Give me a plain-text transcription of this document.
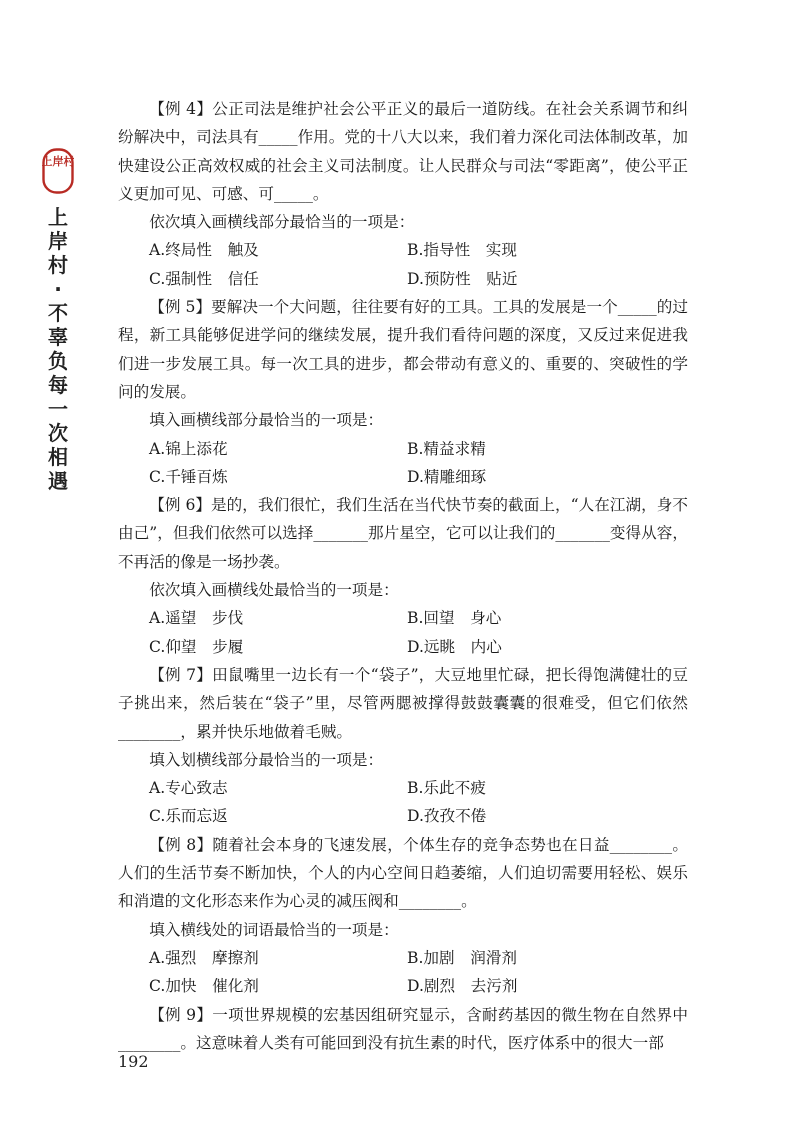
上岸村
上岸村·不辜负每一次相遇

【例 4】公正司法是维护社会公平正义的最后一道防线。在社会关系调节和纠纷解决中，司法具有_____作用。党的十八大以来，我们着力深化司法体制改革，加快建设公正高效权威的社会主义司法制度。让人民群众与司法“零距离”，使公平正义更加可见、可感、可_____。

依次填入画横线部分最恰当的一项是：

A.终局性　触及	B.指导性　实现
C.强制性　信任	D.预防性　贴近

【例 5】要解决一个大问题，往往要有好的工具。工具的发展是一个_____的过程，新工具能够促进学问的继续发展，提升我们看待问题的深度，又反过来促进我们进一步发展工具。每一次工具的进步，都会带动有意义的、重要的、突破性的学问的发展。

填入画横线部分最恰当的一项是：

A.锦上添花	B.精益求精
C.千锤百炼	D.精雕细琢

【例 6】是的，我们很忙，我们生活在当代快节奏的截面上，“人在江湖，身不由己”，但我们依然可以选择_______那片星空，它可以让我们的_______变得从容，不再活的像是一场抄袭。

依次填入画横线处最恰当的一项是：

A.遥望　步伐	B.回望　身心
C.仰望　步履	D.远眺　内心

【例 7】田鼠嘴里一边长有一个“袋子”，大豆地里忙碌，把长得饱满健壮的豆子挑出来，然后装在“袋子”里，尽管两腮被撑得鼓鼓囊囊的很难受，但它们依然________，累并快乐地做着毛贼。

填入划横线部分最恰当的一项是：

A.专心致志	B.乐此不疲
C.乐而忘返	D.孜孜不倦

【例 8】随着社会本身的飞速发展，个体生存的竞争态势也在日益________。人们的生活节奏不断加快，个人的内心空间日趋萎缩，人们迫切需要用轻松、娱乐和消遣的文化形态来作为心灵的减压阀和________。

填入横线处的词语最恰当的一项是：

A.强烈　摩擦剂	B.加剧　润滑剂
C.加快　催化剂	D.剧烈　去污剂

【例 9】一项世界规模的宏基因组研究显示，含耐药基因的微生物在自然界中________。这意味着人类有可能回到没有抗生素的时代，医疗体系中的很大一部

192
